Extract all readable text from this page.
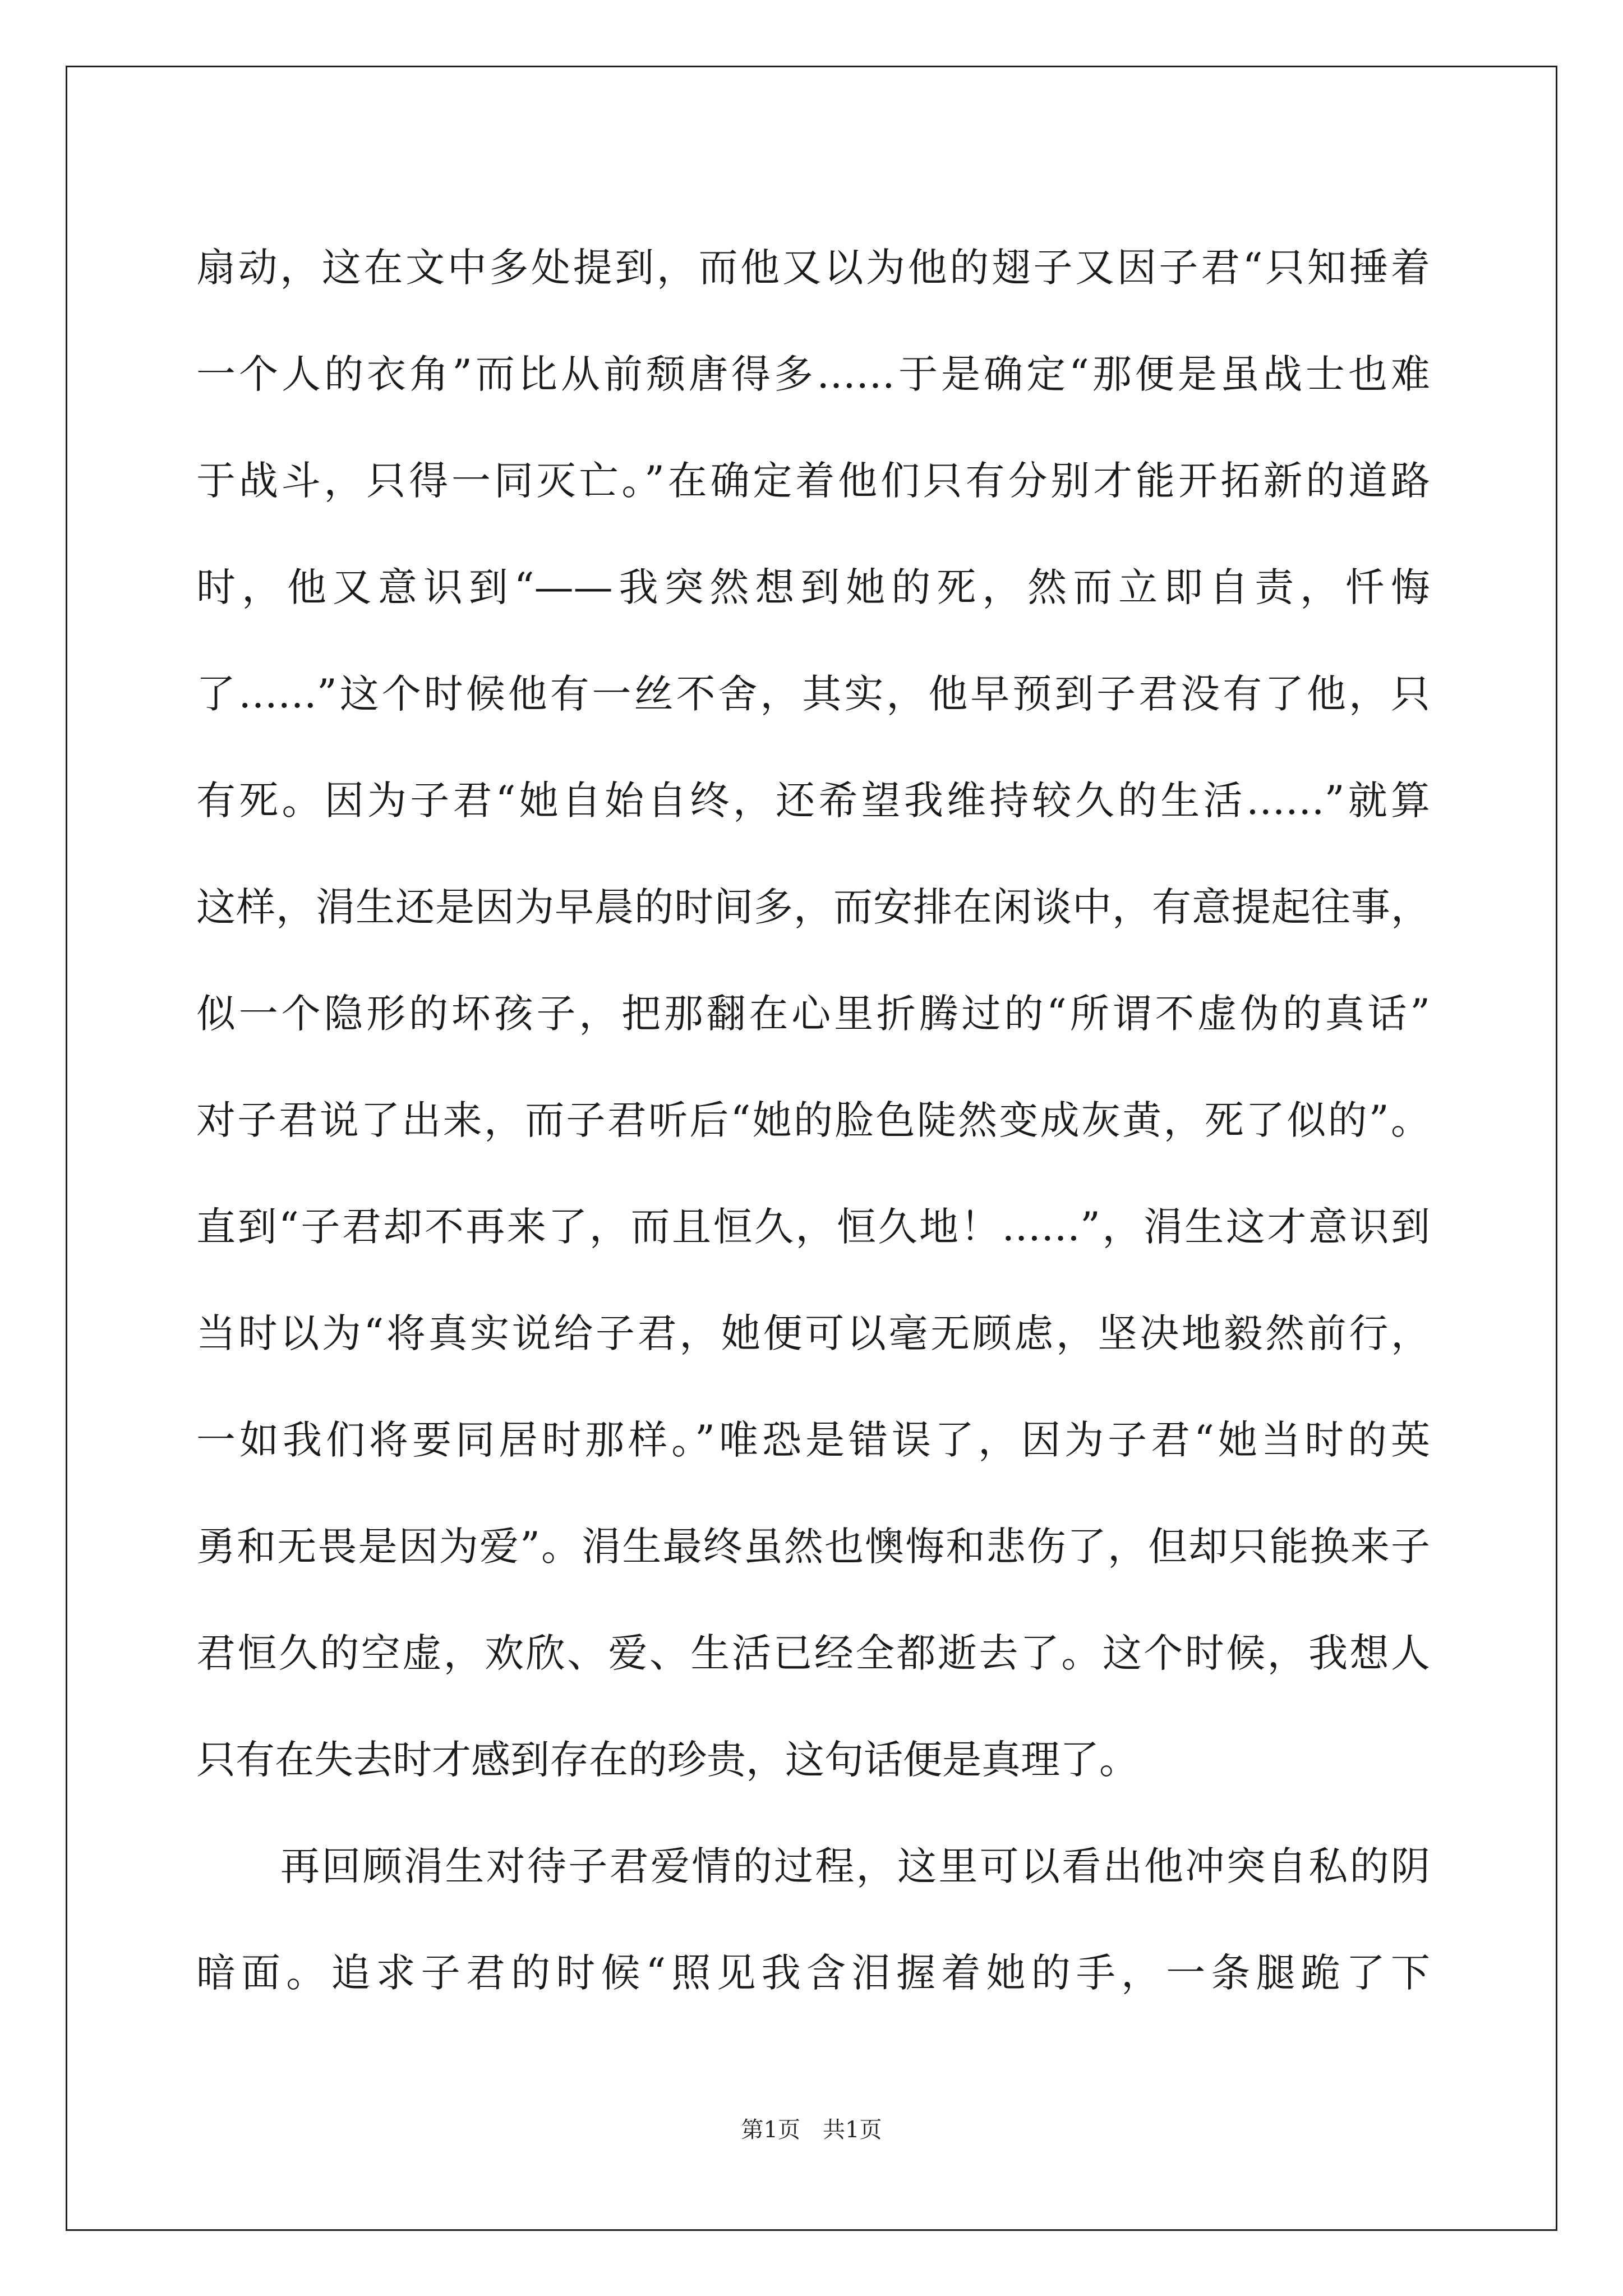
扇动，这在文中多处提到，而他又以为他的翅子又因子君“只知捶着
一个人的衣角”而比从前颓唐得多……于是确定“那便是虽战士也难
于战斗，只得一同灭亡。”在确定着他们只有分别才能开拓新的道路
时，他又意识到“——我突然想到她的死，然而立即自责，忏悔
了……”这个时候他有一丝不舍，其实，他早预到子君没有了他，只
有死。因为子君“她自始自终，还希望我维持较久的生活……”就算
这样，涓生还是因为早晨的时间多，而安排在闲谈中，有意提起往事，
似一个隐形的坏孩子，把那翻在心里折腾过的“所谓不虚伪的真话”
对子君说了出来，而子君听后“她的脸色陡然变成灰黄，死了似的”。
直到“子君却不再来了，而且恒久，恒久地！……”，涓生这才意识到
当时以为“将真实说给子君，她便可以毫无顾虑，坚决地毅然前行，
一如我们将要同居时那样。”唯恐是错误了，因为子君“她当时的英
勇和无畏是因为爱”。涓生最终虽然也懊悔和悲伤了，但却只能换来子
君恒久的空虚，欢欣、爱、生活已经全都逝去了。这个时候，我想人
只有在失去时才感到存在的珍贵，这句话便是真理了。
再回顾涓生对待子君爱情的过程，这里可以看出他冲突自私的阴
暗面。追求子君的时候“照见我含泪握着她的手，一条腿跪了下
第1页　共1页
